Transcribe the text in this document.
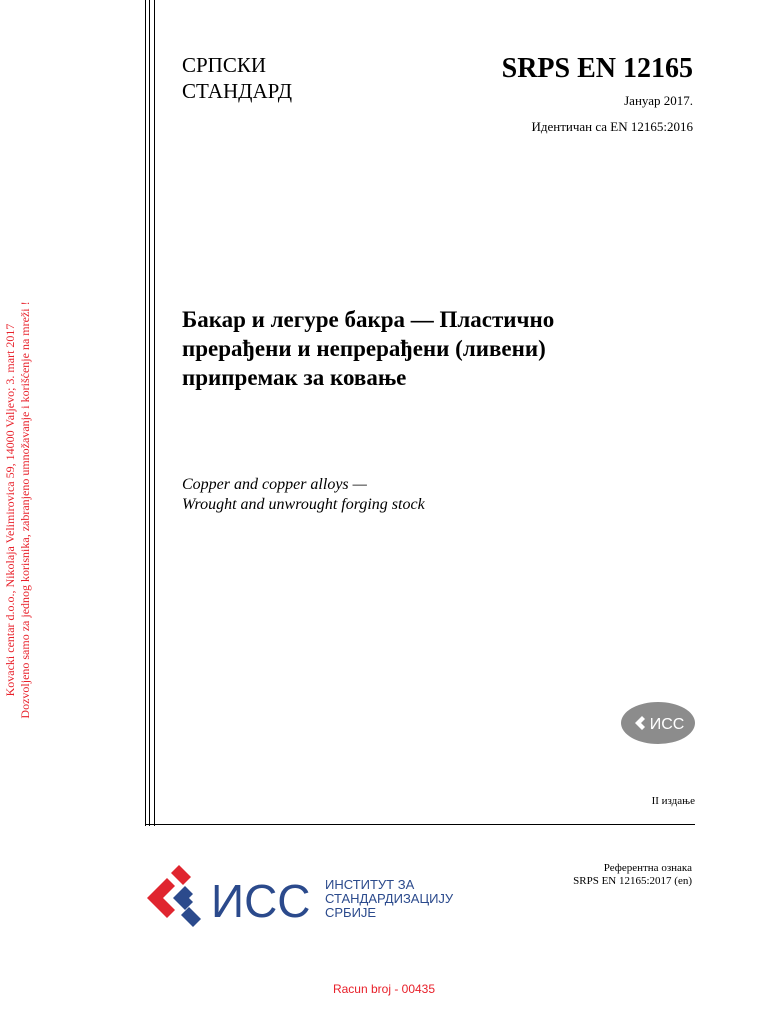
Kovacki centar d.o.o., Nikolaja Velimirovica 59, 14000 Valjevo; 3. mart 2017 Dozvoljeno samo za jednog korisnika, zabranjeno umnožavanje i korišćenje na mreži !
СРПСКИ
СТАНДАРД
SRPS EN 12165
Јануар 2017.
Идентичан са EN 12165:2016
Бакар и легуре бакра — Пластично прерађени и непрерађени (ливени) припремак за ковање
Copper and copper alloys —
Wrought and unwrought forging stock
ИСС
II издање
ИСС ИНСТИТУТ ЗА
СТАНДАРДИЗАЦИЈУ
СРБИЈЕ
Референтна ознака
SRPS EN 12165:2017 (en)
Racun broj - 00435
